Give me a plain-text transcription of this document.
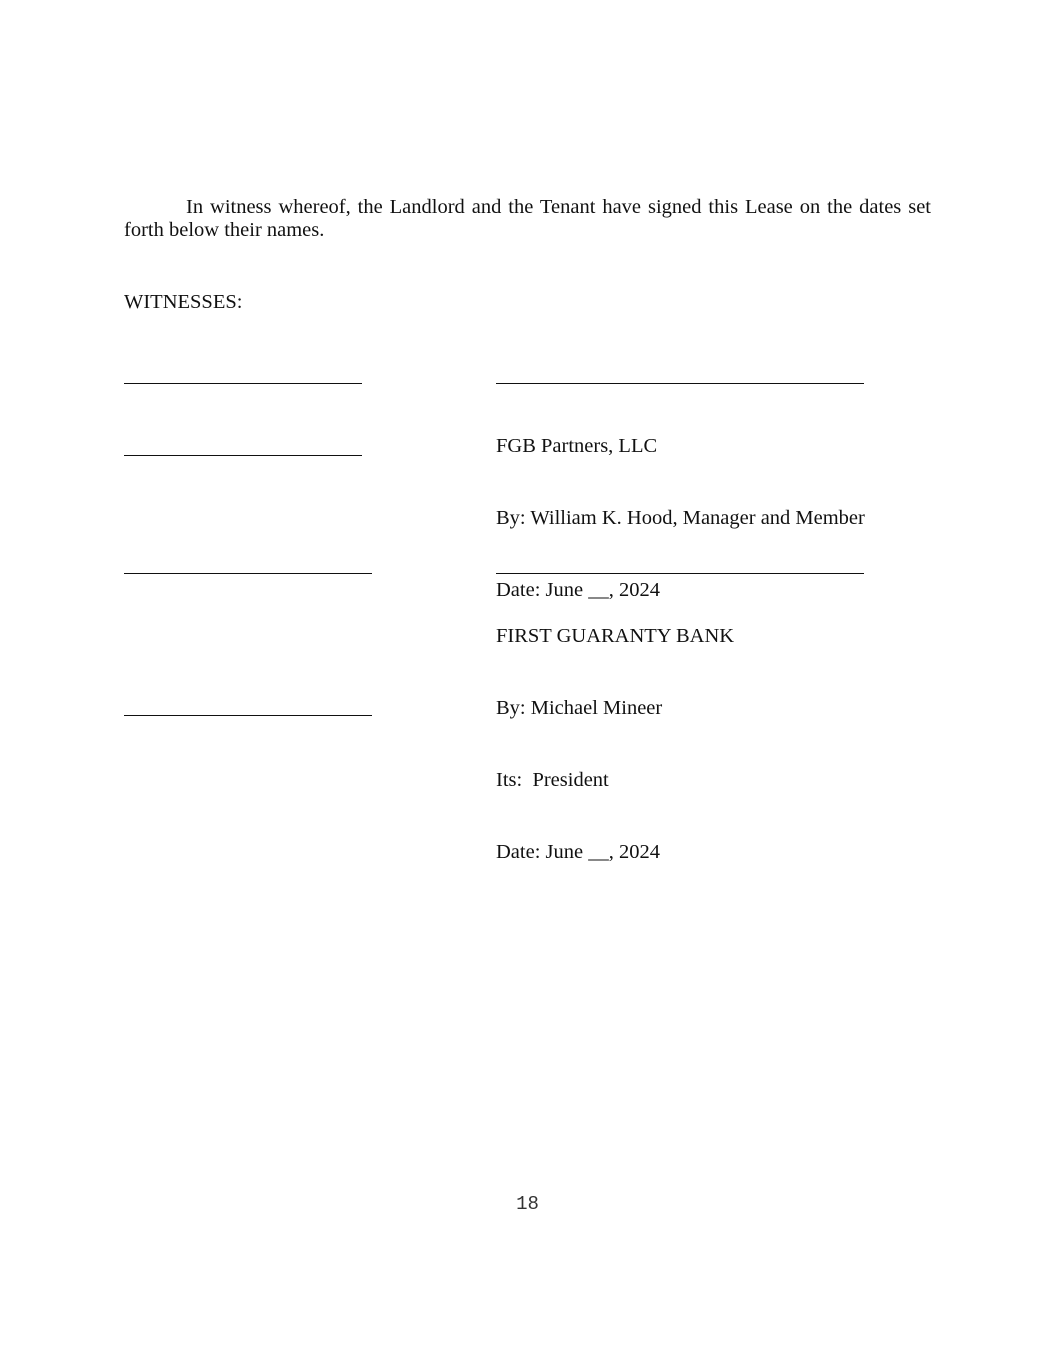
In witness whereof, the Landlord and the Tenant have signed this Lease on the dates set forth below their names.

WITNESSES:

FGB Partners, LLC

By: William K. Hood, Manager and Member

Date: June __, 2024

FIRST GUARANTY BANK

By: Michael Mineer

Its:  President

Date: June __, 2024

18
